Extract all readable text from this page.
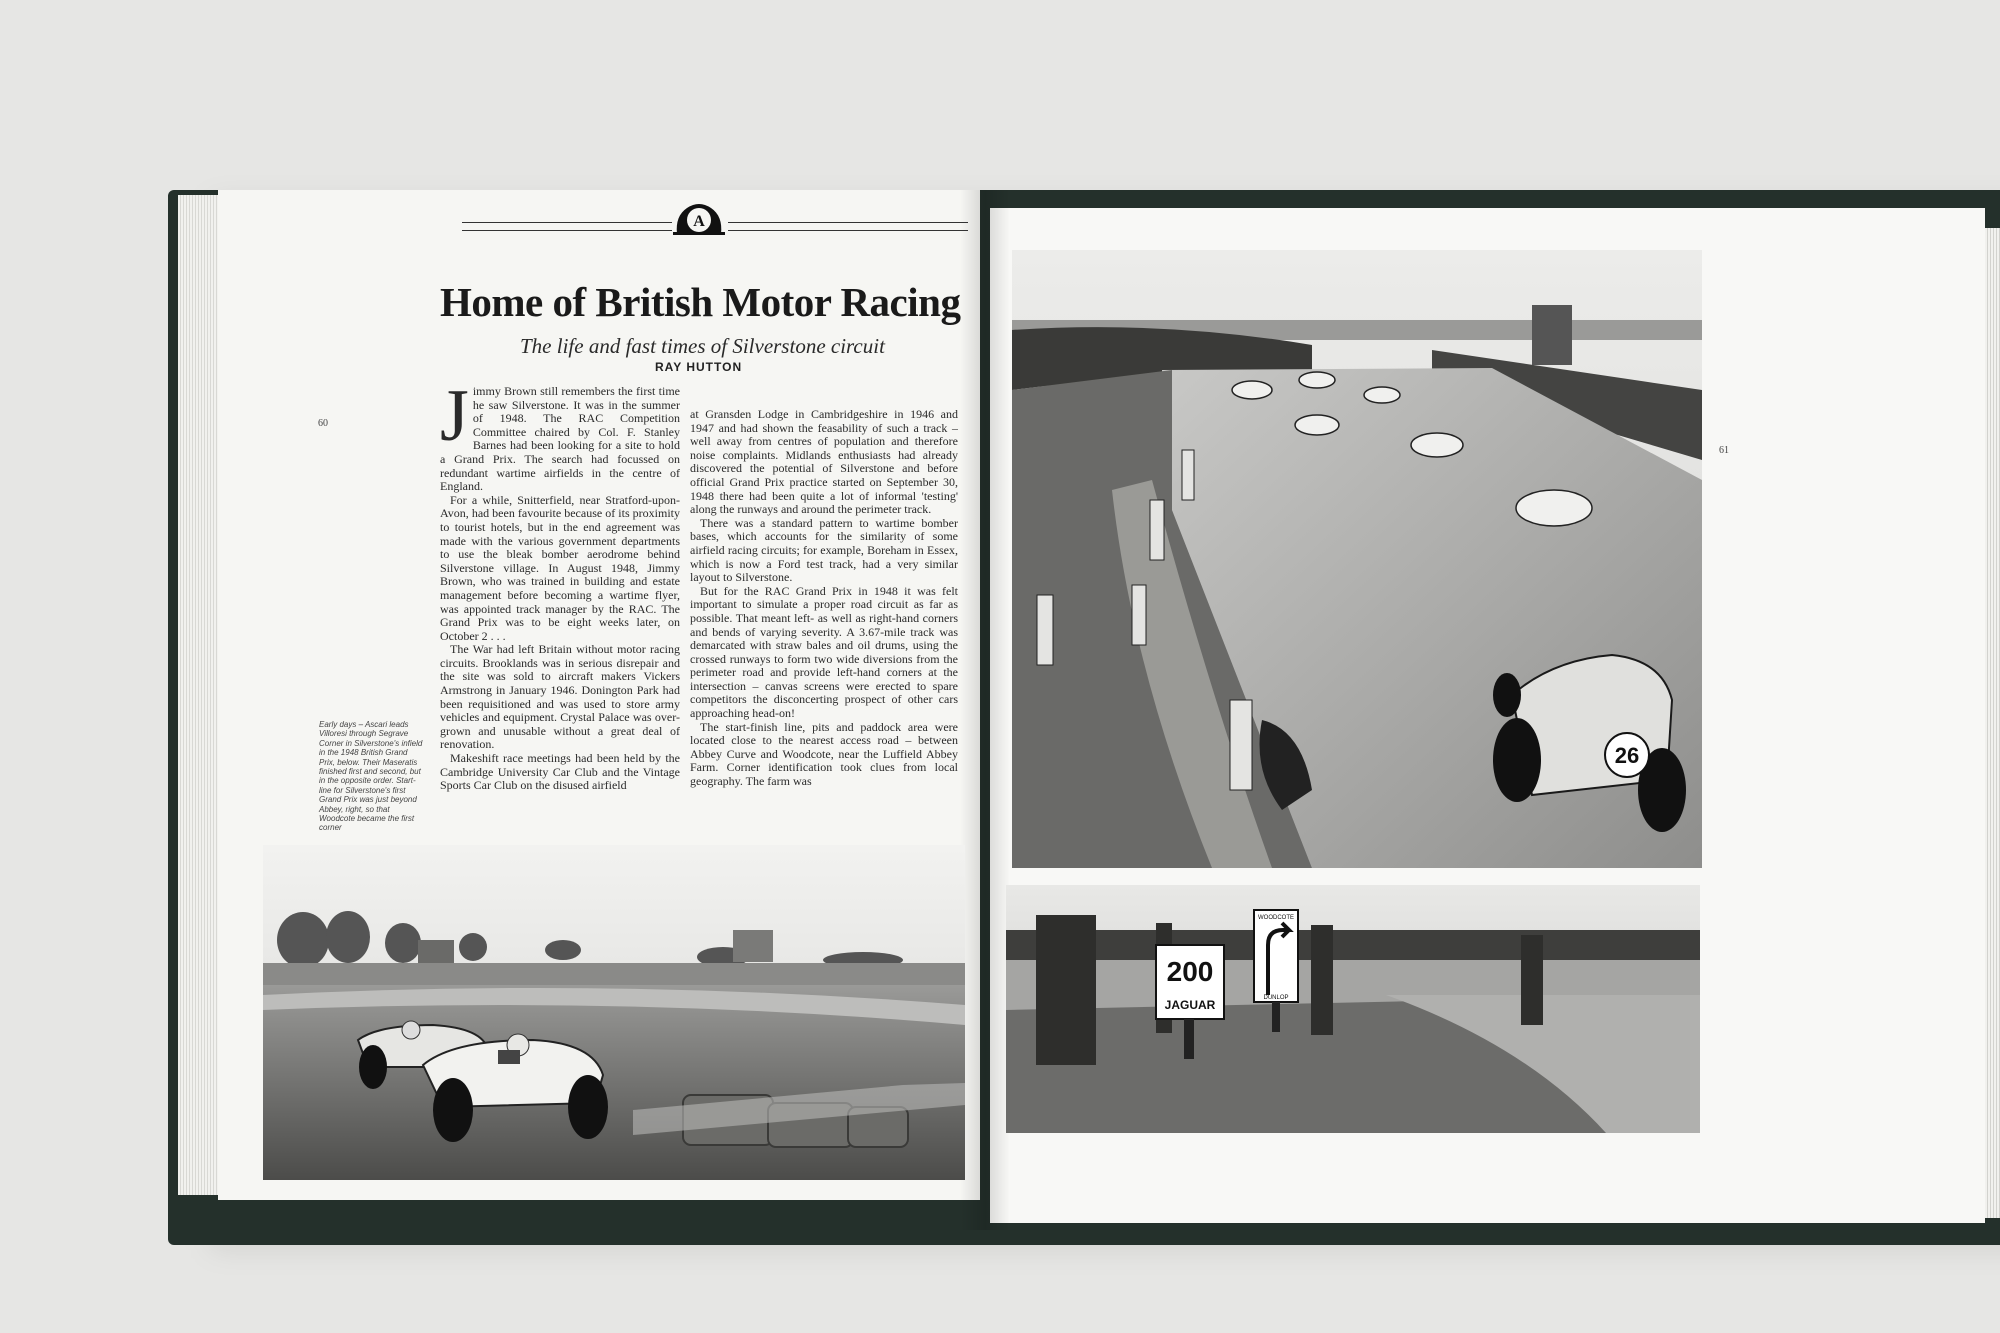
A
Home of British Motor Racing
The life and fast times of Silverstone circuit
RAY HUTTON
60
61

Jimmy Brown still remembers the first time he saw Silverstone. It was in the summer of 1948. The RAC Competition Committee chaired by Col. F. Stanley Barnes had been looking for a site to hold a Grand Prix. The search had focussed on redundant wartime airfields in the centre of England.

For a while, Snitterfield, near Stratford-upon-Avon, had been favourite because of its proximity to tourist hotels, but in the end agreement was made with the various government departments to use the bleak bomber aerodrome behind Silverstone village. In August 1948, Jimmy Brown, who was trained in building and estate management before becoming a wartime flyer, was appointed track manager by the RAC. The Grand Prix was to be eight weeks later, on October 2 . . .

The War had left Britain without motor racing circuits. Brooklands was in serious disrepair and the site was sold to aircraft makers Vickers Armstrong in January 1946. Donington Park had been requisitioned and was used to store army vehicles and equipment. Crystal Palace was over-grown and unusable without a great deal of renovation.

Makeshift race meetings had been held by the Cambridge University Car Club and the Vintage Sports Car Club on the disused airfield

at Gransden Lodge in Cambridgeshire in 1946 and 1947 and had shown the feasability of such a track – well away from centres of population and therefore noise complaints. Midlands enthusiasts had already discovered the potential of Silverstone and before official Grand Prix practice started on September 30, 1948 there had been quite a lot of informal 'testing' along the runways and around the perimeter track.

There was a standard pattern to wartime bomber bases, which accounts for the similarity of some airfield racing circuits; for example, Boreham in Essex, which is now a Ford test track, had a very similar layout to Silverstone.

But for the RAC Grand Prix in 1948 it was felt important to simulate a proper road circuit as far as possible. That meant left- as well as right-hand corners and bends of varying severity. A 3.67-mile track was demarcated with straw bales and oil drums, using the crossed runways to form two wide diversions from the perimeter road and provide left-hand corners at the intersection – canvas screens were erected to spare competitors the disconcerting prospect of other cars approaching head-on!

The start-finish line, pits and paddock area were located close to the nearest access road – between Abbey Curve and Woodcote, near the Luffield Abbey Farm. Corner identification took clues from local geography. The farm was

Early days – Ascari leads Villoresi through Segrave Corner in Silverstone's infield in the 1948 British Grand Prix, below. Their Maseratis finished first and second, but in the opposite order. Start-line for Silverstone's first Grand Prix was just beyond Abbey, right, so that Woodcote became the first corner
26
200
JAGUAR
WOODCOTE
DUNLOP
